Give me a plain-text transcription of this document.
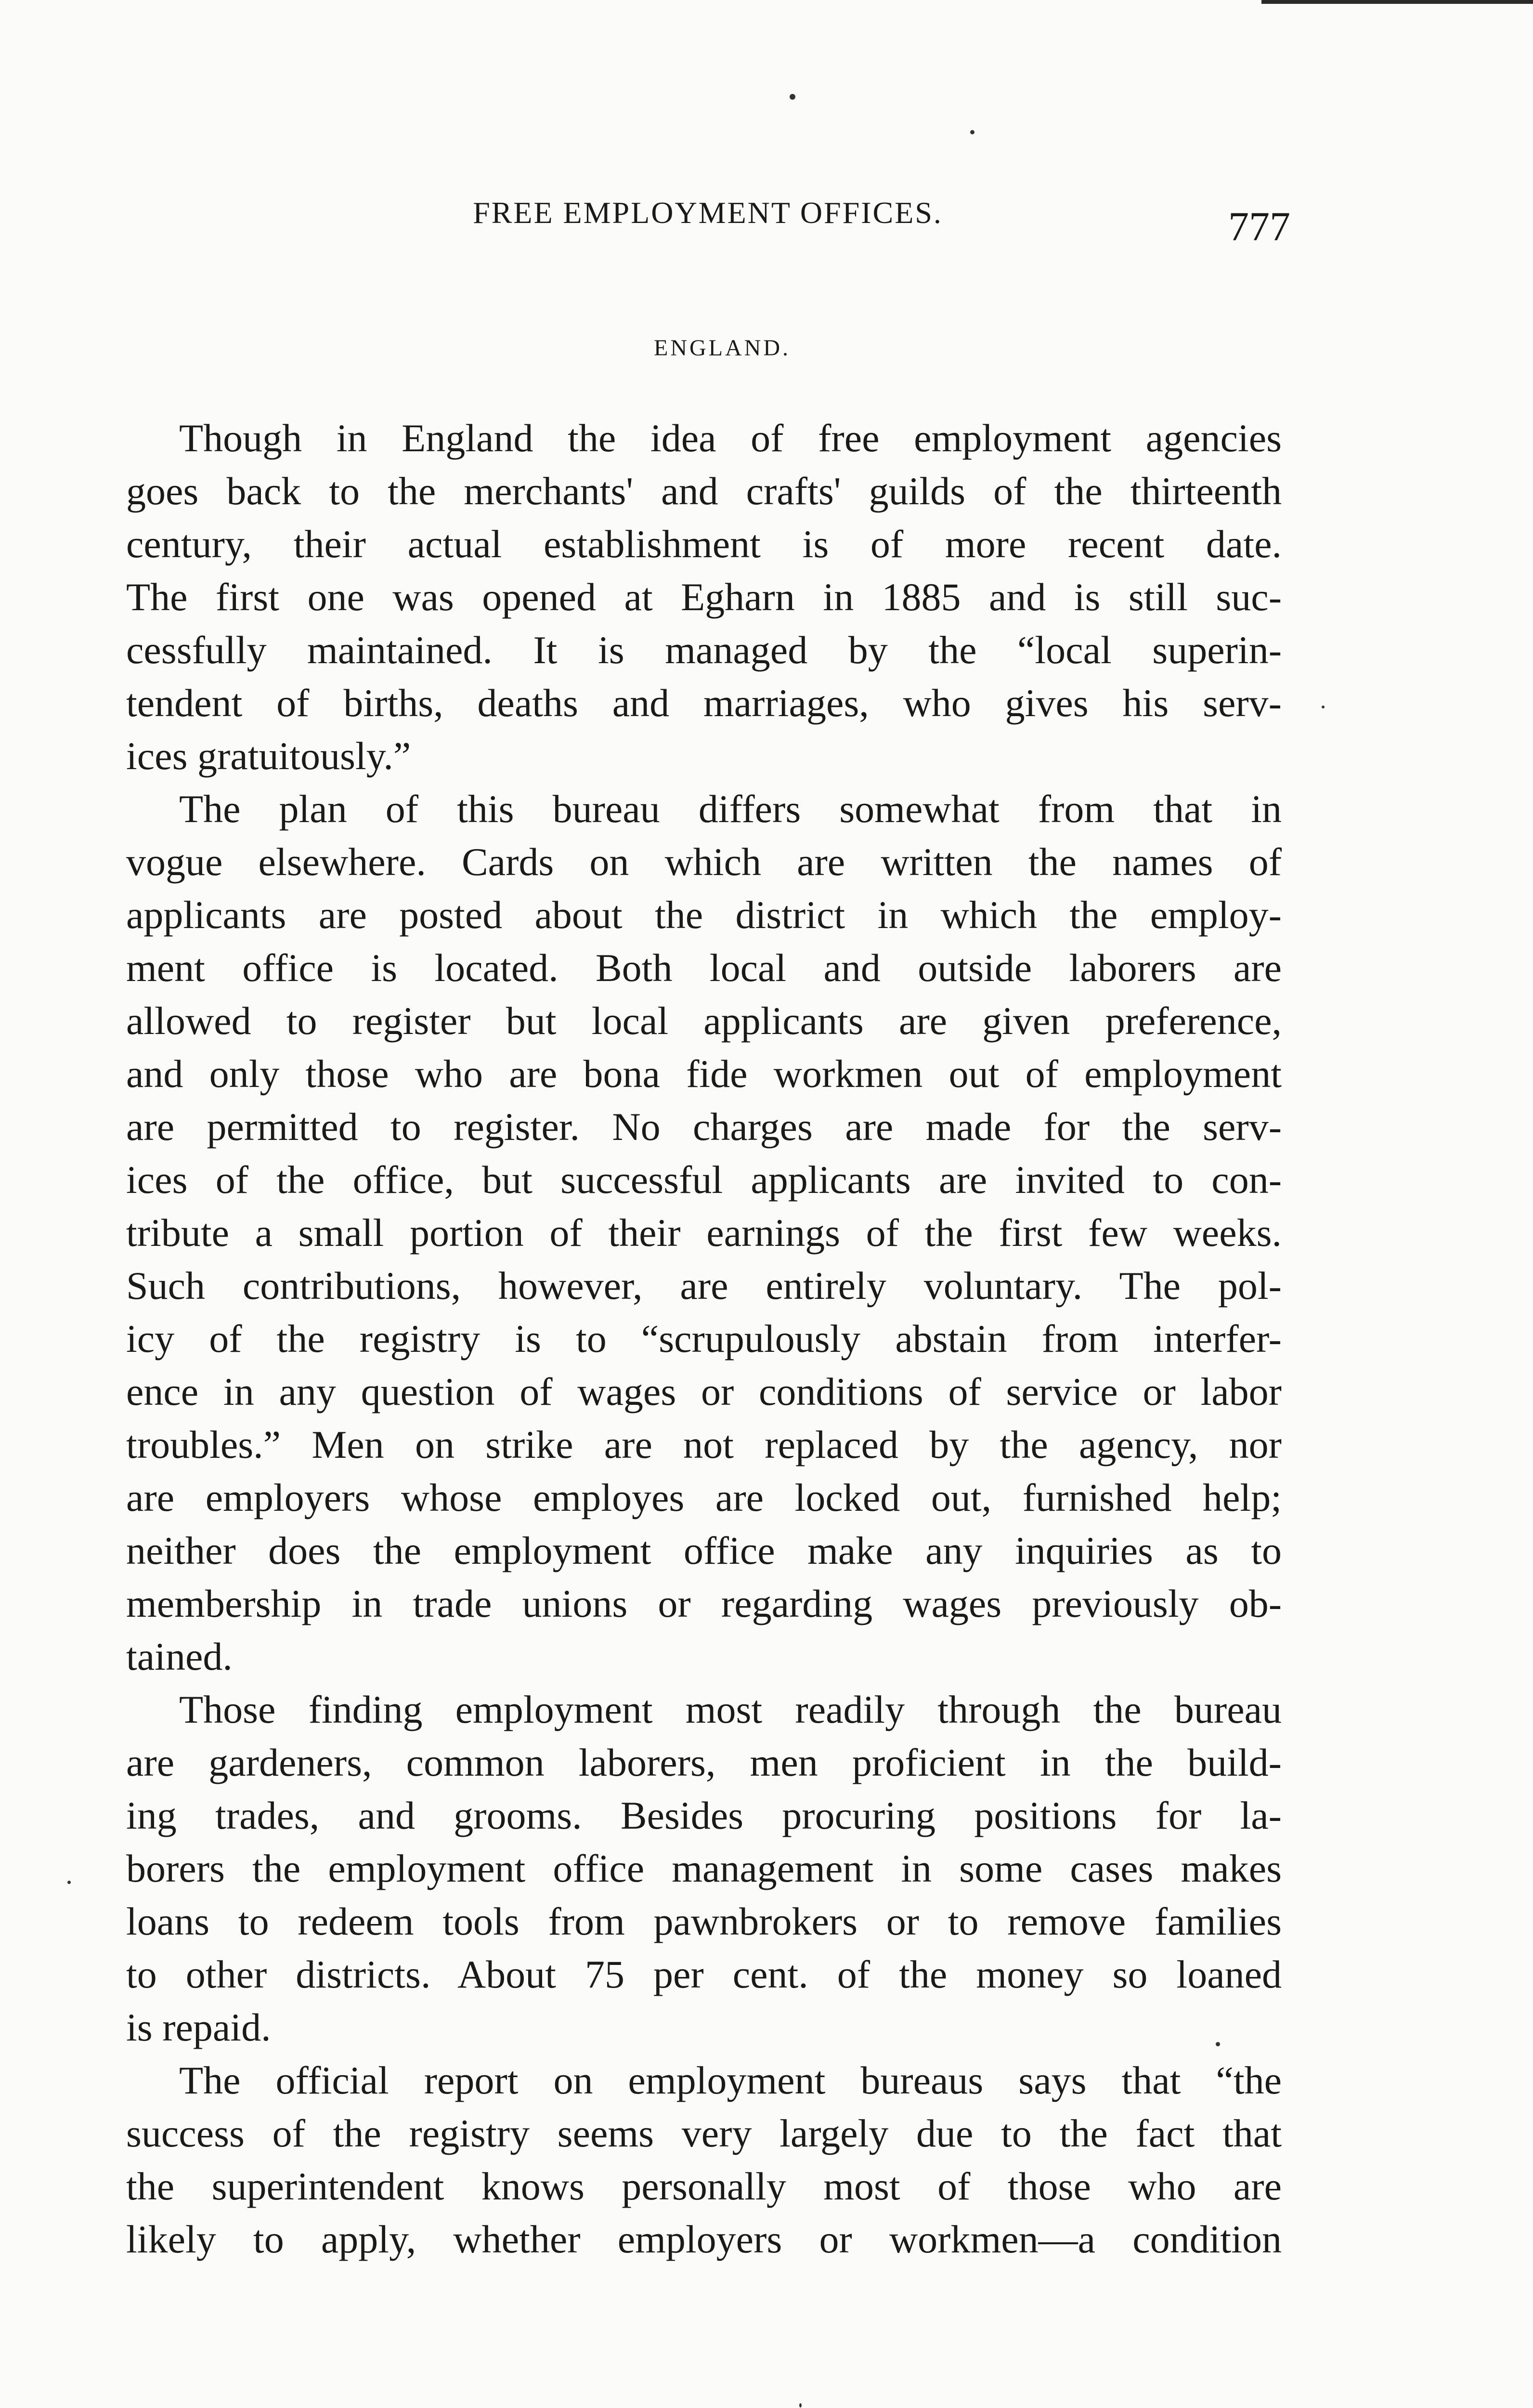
FREE EMPLOYMENT OFFICES.	777
ENGLAND.
Though in England the idea of free employment agencies
goes back to the merchants' and crafts' guilds of the thirteenth
century, their actual establishment is of more recent date.
The first one was opened at Egharn in 1885 and is still suc-
cessfully maintained. It is managed by the “local superin-
tendent of births, deaths and marriages, who gives his serv-
ices gratuitously.”
The plan of this bureau differs somewhat from that in
vogue elsewhere. Cards on which are written the names of
applicants are posted about the district in which the employ-
ment office is located. Both local and outside laborers are
allowed to register but local applicants are given preference,
and only those who are bona fide workmen out of employment
are permitted to register. No charges are made for the serv-
ices of the office, but successful applicants are invited to con-
tribute a small portion of their earnings of the first few weeks.
Such contributions, however, are entirely voluntary. The pol-
icy of the registry is to “scrupulously abstain from interfer-
ence in any question of wages or conditions of service or labor
troubles.” Men on strike are not replaced by the agency, nor
are employers whose employes are locked out, furnished help;
neither does the employment office make any inquiries as to
membership in trade unions or regarding wages previously ob-
tained.
Those finding employment most readily through the bureau
are gardeners, common laborers, men proficient in the build-
ing trades, and grooms. Besides procuring positions for la-
borers the employment office management in some cases makes
loans to redeem tools from pawnbrokers or to remove families
to other districts. About 75 per cent. of the money so loaned
is repaid.
The official report on employment bureaus says that “the
success of the registry seems very largely due to the fact that
the superintendent knows personally most of those who are
likely to apply, whether employers or workmen—a condition
